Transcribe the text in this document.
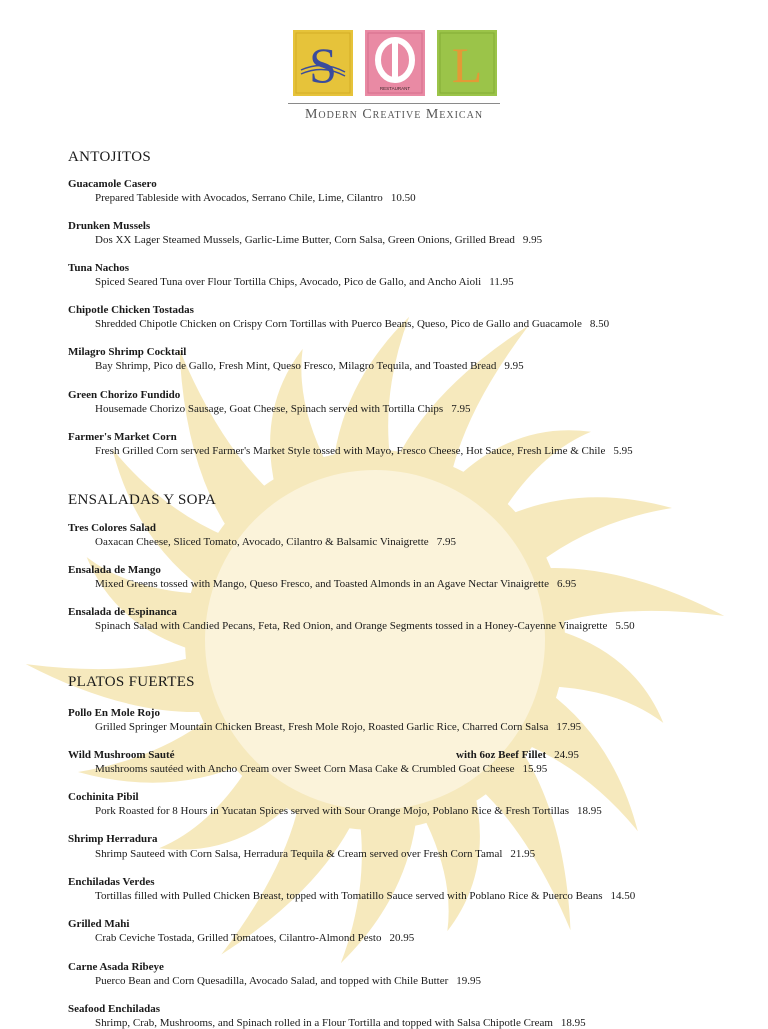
S	RESTAURANT L
Modern Creative Mexican
ANTOJITOS
Guacamole Casero
Prepared Tableside with Avocados, Serrano Chile, Lime, Cilantro 10.50
Drunken Mussels
Dos XX Lager Steamed Mussels, Garlic-Lime Butter, Corn Salsa, Green Onions, Grilled Bread 9.95
Tuna Nachos
Spiced Seared Tuna over Flour Tortilla Chips, Avocado, Pico de Gallo, and Ancho Aioli 11.95
Chipotle Chicken Tostadas
Shredded Chipotle Chicken on Crispy Corn Tortillas with Puerco Beans, Queso, Pico de Gallo and Guacamole 8.50
Milagro Shrimp Cocktail
Bay Shrimp, Pico de Gallo, Fresh Mint, Queso Fresco, Milagro Tequila, and Toasted Bread 9.95
Green Chorizo Fundido
Housemade Chorizo Sausage, Goat Cheese, Spinach served with Tortilla Chips 7.95
Farmer's Market Corn
Fresh Grilled Corn served Farmer's Market Style tossed with Mayo, Fresco Cheese, Hot Sauce, Fresh Lime & Chile 5.95
ENSALADAS Y SOPA
Tres Colores Salad
Oaxacan Cheese, Sliced Tomato, Avocado, Cilantro & Balsamic Vinaigrette 7.95
Ensalada de Mango
Mixed Greens tossed with Mango, Queso Fresco, and Toasted Almonds in an Agave Nectar Vinaigrette 6.95
Ensalada de Espinanca
Spinach Salad with Candied Pecans, Feta, Red Onion, and Orange Segments tossed in a Honey-Cayenne Vinaigrette 5.50
PLATOS FUERTES
Pollo En Mole Rojo
Grilled Springer Mountain Chicken Breast, Fresh Mole Rojo, Roasted Garlic Rice, Charred Corn Salsa 17.95
Wild Mushroom Sauté	with 6oz Beef Fillet 24.95
Mushrooms sautéed with Ancho Cream over Sweet Corn Masa Cake & Crumbled Goat Cheese 15.95
Cochinita Pibil
Pork Roasted for 8 Hours in Yucatan Spices served with Sour Orange Mojo, Poblano Rice & Fresh Tortillas 18.95
Shrimp Herradura
Shrimp Sauteed with Corn Salsa, Herradura Tequila & Cream served over Fresh Corn Tamal 21.95
Enchiladas Verdes
Tortillas filled with Pulled Chicken Breast, topped with Tomatillo Sauce served with Poblano Rice & Puerco Beans 14.50
Grilled Mahi
Crab Ceviche Tostada, Grilled Tomatoes, Cilantro-Almond Pesto 20.95
Carne Asada Ribeye
Puerco Bean and Corn Quesadilla, Avocado Salad, and topped with Chile Butter 19.95
Seafood Enchiladas
Shrimp, Crab, Mushrooms, and Spinach rolled in a Flour Tortilla and topped with Salsa Chipotle Cream 18.95
